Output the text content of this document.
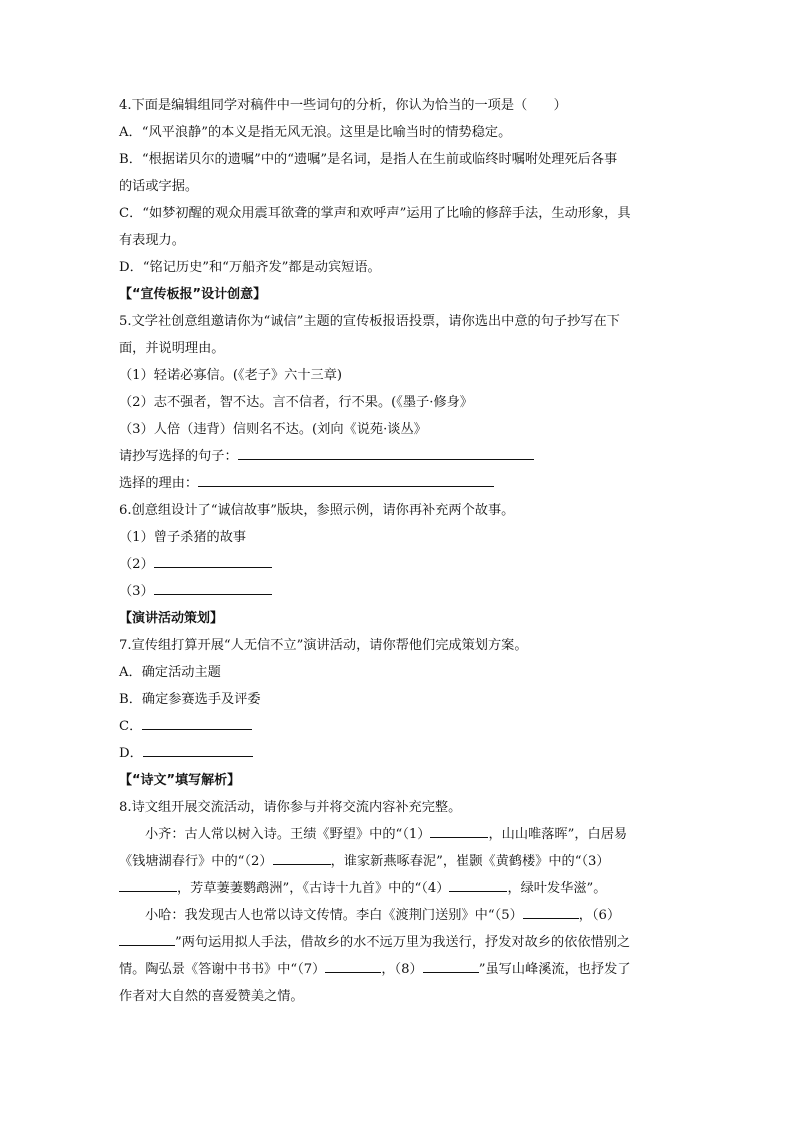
4.下面是编辑组同学对稿件中一些词句的分析，你认为恰当的一项是（　　）
A．“风平浪静”的本义是指无风无浪。这里是比喻当时的情势稳定。
B．“根据诺贝尔的遗嘱”中的“遗嘱”是名词，是指人在生前或临终时嘱咐处理死后各事
的话或字据。
C．“如梦初醒的观众用震耳欲聋的掌声和欢呼声”运用了比喻的修辞手法，生动形象，具
有表现力。
D．“铭记历史”和“万船齐发”都是动宾短语。
【“宣传板报”设计创意】
5.文学社创意组邀请你为“诚信”主题的宣传板报语投票，请你选出中意的句子抄写在下
面，并说明理由。
（1）轻诺必寡信。(《老子》六十三章)
（2）志不强者，智不达。言不信者，行不果。(《墨子·修身》
（3）人倍（违背）信则名不达。(刘向《说苑·谈丛》
请抄写选择的句子：
选择的理由：
6.创意组设计了“诚信故事”版块，参照示例，请你再补充两个故事。
（1）曾子杀猪的故事
（2）
（3）
【演讲活动策划】
7.宣传组打算开展“人无信不立”演讲活动，请你帮他们完成策划方案。
A．确定活动主题
B．确定参赛选手及评委
C．
D．
【“诗文”填写解析】
8.诗文组开展交流活动，请你参与并将交流内容补充完整。
小齐：古人常以树入诗。王绩《野望》中的“（1）	，山山唯落晖”，白居易
《钱塘湖春行》中的“（2）	，谁家新燕啄春泥”，崔颢《黄鹤楼》中的“（3）
，芳草萋萋鹦鹉洲”，《古诗十九首》中的“（4）	，绿叶发华滋”。
小哈：我发现古人也常以诗文传情。李白《渡荆门送别》中“（5）	，（6）
”两句运用拟人手法，借故乡的水不远万里为我送行，抒发对故乡的依依惜别之
情。陶弘景《答谢中书书》中“（7）	，（8）	”虽写山峰溪流，也抒发了
作者对大自然的喜爱赞美之情。
